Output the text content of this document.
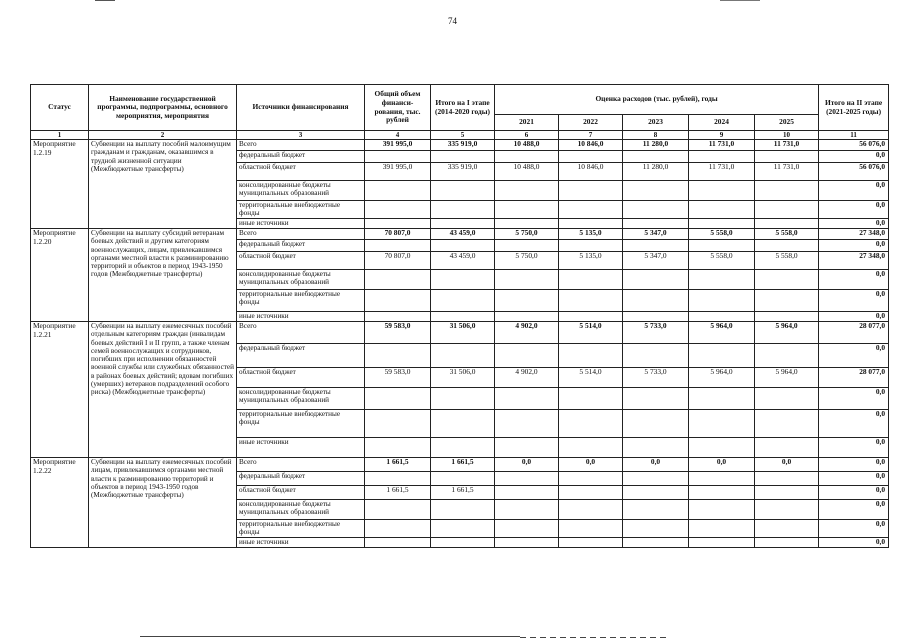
74
Статус	Наименование государственной программы, подпрограммы, основного мероприятия, мероприятия	Источники финансирования	Общий объем финанси-рования, тыс. рублей	Итого на I этапе (2014-2020 годы)	Оценка расходов (тыс. рублей), годы					Итого на II этапе (2021-2025 годы)
					2021	2022	2023	2024	2025	
1	2	3	4	5	6	7	8	9	10	11
Мероприятие 1.2.19	Субвенции на выплату пособий малоимущим гражданам и гражданам, оказавшимся в трудной жизненной ситуации (Межбюджетные трансферты)	Всего	391 995,0	335 919,0	10 488,0	10 846,0	11 280,0	11 731,0	11 731,0	56 076,0
		федеральный бюджет								0,0
		областной бюджет	391 995,0	335 919,0	10 488,0	10 846,0	11 280,0	11 731,0	11 731,0	56 076,0
		консолидированные бюджеты муниципальных образований								0,0
		территориальные внебюджетные фонды								0,0
		иные источники								0,0
Мероприятие 1.2.20	Субвенции на выплату субсидий ветеранам боевых действий и другим категориям военнослужащих, лицам, привлекавшимся органами местной власти к разминированию территорий и объектов в период 1943-1950 годов (Межбюджетные трансферты)	Всего	70 807,0	43 459,0	5 750,0	5 135,0	5 347,0	5 558,0	5 558,0	27 348,0
		федеральный бюджет								0,0
		областной бюджет	70 807,0	43 459,0	5 750,0	5 135,0	5 347,0	5 558,0	5 558,0	27 348,0
		консолидированные бюджеты муниципальных образований								0,0
		территориальные внебюджетные фонды								0,0
		иные источники								0,0
Мероприятие 1.2.21	Субвенции на выплату ежемесячных пособий отдельным категориям граждан (инвалидам боевых действий I и II групп, а также членам семей военнослужащих и сотрудников, погибших при исполнении обязанностей военной службы или служебных обязанностей в районах боевых действий; вдовам погибших (умерших) ветеранов подразделений особого риска) (Межбюджетные трансферты)	Всего	59 583,0	31 506,0	4 902,0	5 514,0	5 733,0	5 964,0	5 964,0	28 077,0
		федеральный бюджет								0,0
		областной бюджет	59 583,0	31 506,0	4 902,0	5 514,0	5 733,0	5 964,0	5 964,0	28 077,0
		консолидированные бюджеты муниципальных образований								0,0
		территориальные внебюджетные фонды								0,0
		иные источники								0,0
Мероприятие 1.2.22	Субвенции на выплату ежемесячных пособий лицам, привлекавшимся органами местной власти к разминированию территорий и объектов в период 1943-1950 годов (Межбюджетные трансферты)	Всего	1 661,5	1 661,5	0,0	0,0	0,0	0,0	0,0	0,0
		федеральный бюджет								0,0
		областной бюджет	1 661,5	1 661,5						0,0
		консолидированные бюджеты муниципальных образований								0,0
		территориальные внебюджетные фонды								0,0
		иные источники								0,0
